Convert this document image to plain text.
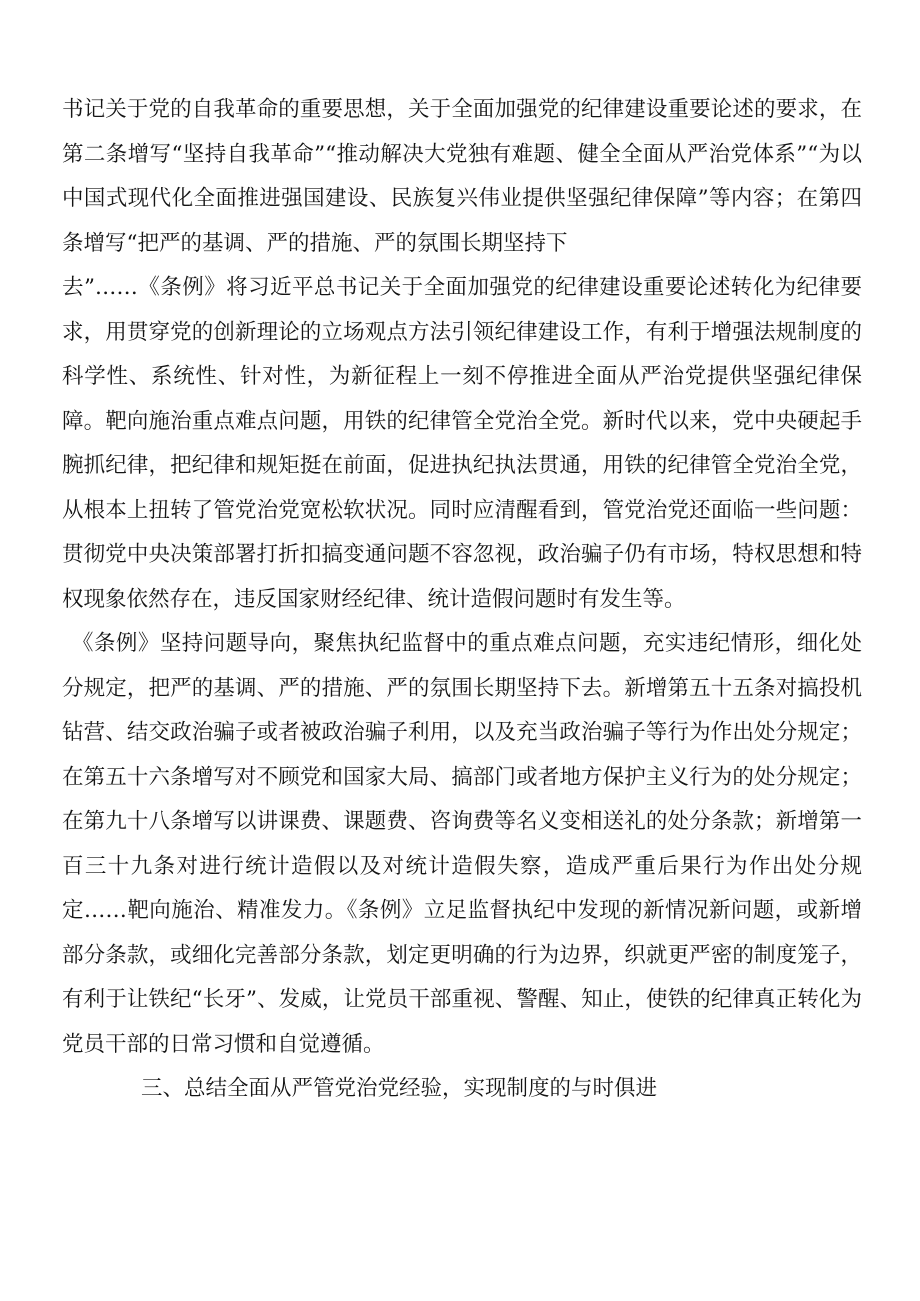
书记关于党的自我革命的重要思想，关于全面加强党的纪律建设重要论述的要求，在第二条增写“坚持自我革命”“推动解决大党独有难题、健全全面从严治党体系”“为以中国式现代化全面推进强国建设、民族复兴伟业提供坚强纪律保障”等内容；在第四条增写“把严的基调、严的措施、严的氛围长期坚持下

去”……《条例》将习近平总书记关于全面加强党的纪律建设重要论述转化为纪律要求，用贯穿党的创新理论的立场观点方法引领纪律建设工作，有利于增强法规制度的科学性、系统性、针对性，为新征程上一刻不停推进全面从严治党提供坚强纪律保障。靶向施治重点难点问题，用铁的纪律管全党治全党。新时代以来，党中央硬起手腕抓纪律，把纪律和规矩挺在前面，促进执纪执法贯通，用铁的纪律管全党治全党，从根本上扭转了管党治党宽松软状况。同时应清醒看到，管党治党还面临一些问题：贯彻党中央决策部署打折扣搞变通问题不容忽视，政治骗子仍有市场，特权思想和特权现象依然存在，违反国家财经纪律、统计造假问题时有发生等。

《条例》坚持问题导向，聚焦执纪监督中的重点难点问题，充实违纪情形，细化处分规定，把严的基调、严的措施、严的氛围长期坚持下去。新增第五十五条对搞投机钻营、结交政治骗子或者被政治骗子利用，以及充当政治骗子等行为作出处分规定；在第五十六条增写对不顾党和国家大局、搞部门或者地方保护主义行为的处分规定；在第九十八条增写以讲课费、课题费、咨询费等名义变相送礼的处分条款；新增第一百三十九条对进行统计造假以及对统计造假失察，造成严重后果行为作出处分规定……靶向施治、精准发力。《条例》立足监督执纪中发现的新情况新问题，或新增部分条款，或细化完善部分条款，划定更明确的行为边界，织就更严密的制度笼子，有利于让铁纪“长牙”、发威，让党员干部重视、警醒、知止，使铁的纪律真正转化为党员干部的日常习惯和自觉遵循。

三、总结全面从严管党治党经验，实现制度的与时俱进
